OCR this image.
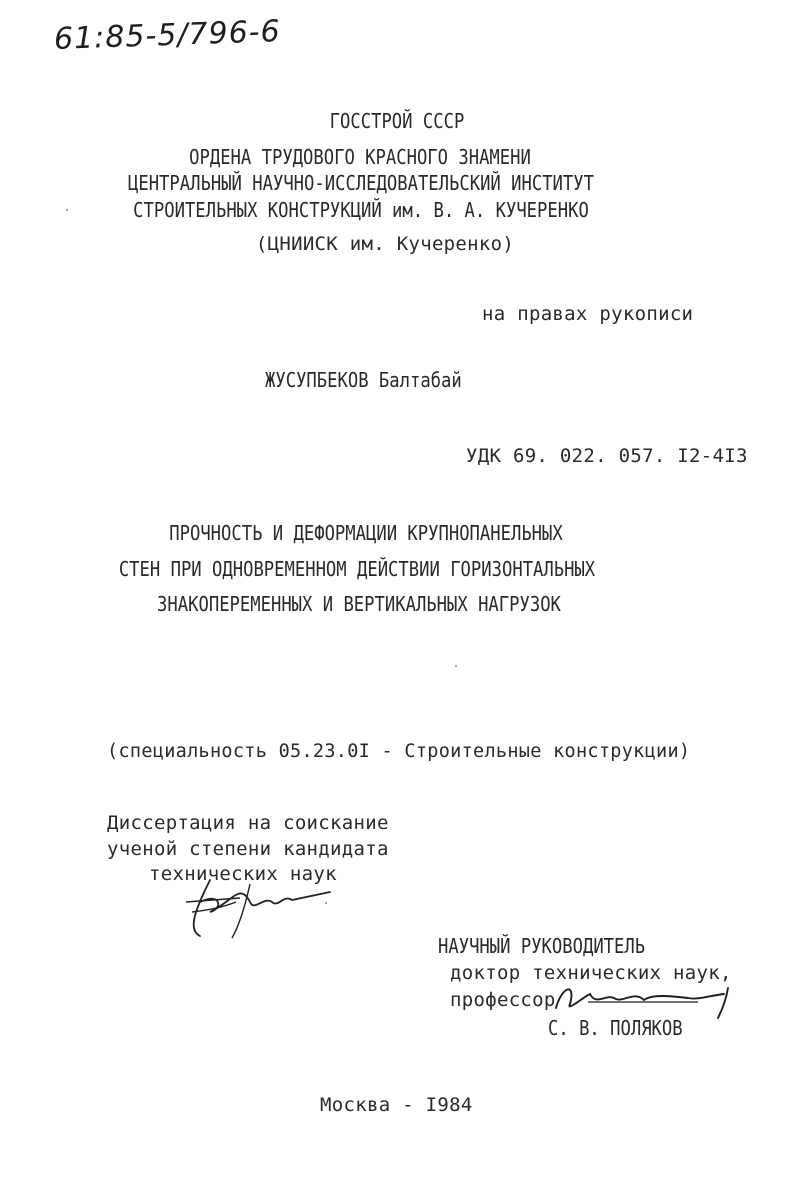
61:85-5/796-6
ГОССТРОЙ СССР
ОРДЕНА ТРУДОВОГО КРАСНОГО ЗНАМЕНИ
ЦЕНТРАЛЬНЫЙ НАУЧНО-ИССЛЕДОВАТЕЛЬСКИЙ ИНСТИТУТ
СТРОИТЕЛЬНЫХ КОНСТРУКЦИЙ им. В. А. КУЧЕРЕНКО
(ЦНИИСК им. Кучеренко)
на правах рукописи
ЖУСУПБЕКОВ Балтабай
УДК 69. 022. 057. I2-4I3
ПРОЧНОСТЬ И ДЕФОРМАЦИИ КРУПНОПАНЕЛЬНЫХ
СТЕН ПРИ ОДНОВРЕМЕННОМ ДЕЙСТВИИ ГОРИЗОНТАЛЬНЫХ
ЗНАКОПЕРЕМЕННЫХ И ВЕРТИКАЛЬНЫХ НАГРУЗОК
(специальность 05.23.0I - Строительные конструкции)
Диссертация на соискание
ученой степени кандидата
технических наук
НАУЧНЫЙ РУКОВОДИТЕЛЬ
доктор технических наук,
профессор
С. В. ПОЛЯКОВ
Москва - I984
